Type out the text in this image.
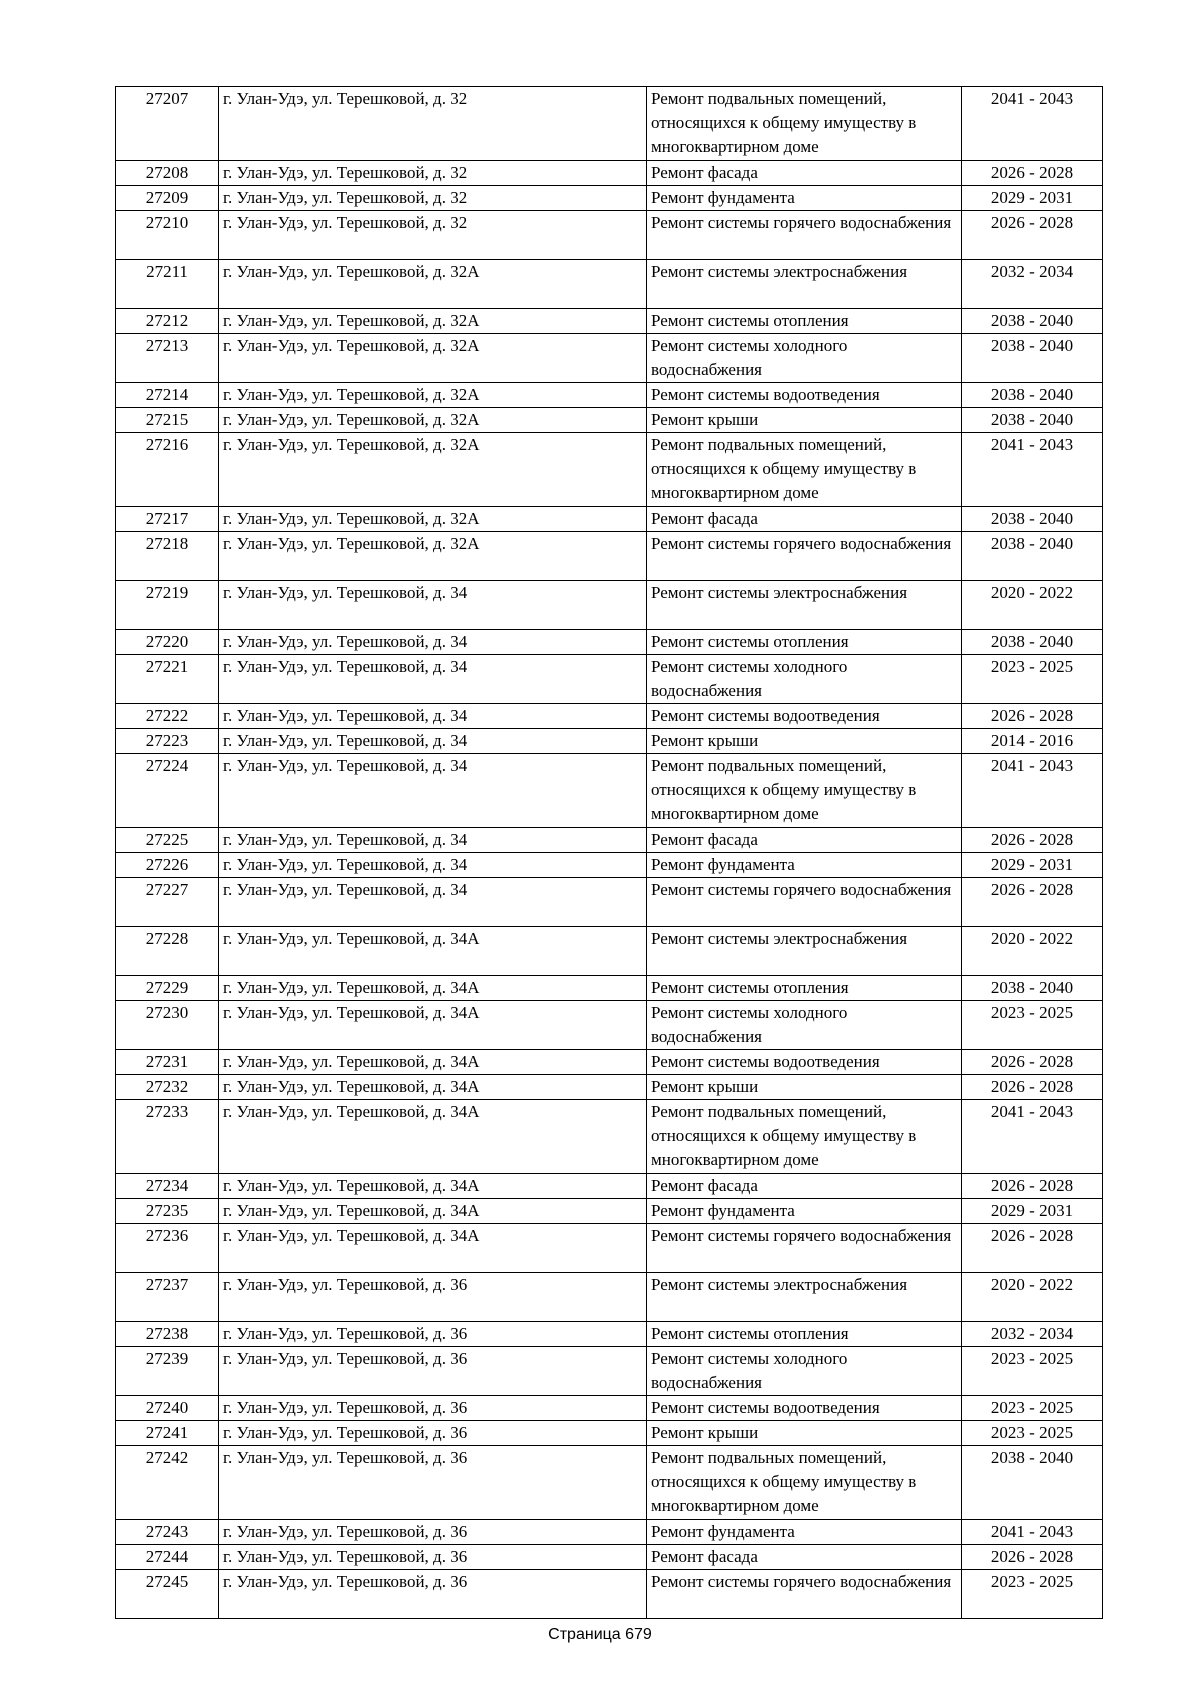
27207	г. Улан-Удэ, ул. Терешковой, д. 32	Ремонт подвальных помещений, относящихся к общему имуществу в многоквартирном доме	2041 - 2043
27208	г. Улан-Удэ, ул. Терешковой, д. 32	Ремонт фасада	2026 - 2028
27209	г. Улан-Удэ, ул. Терешковой, д. 32	Ремонт фундамента	2029 - 2031
27210	г. Улан-Удэ, ул. Терешковой, д. 32	Ремонт системы горячего водоснабжения	2026 - 2028
27211	г. Улан-Удэ, ул. Терешковой, д. 32А	Ремонт системы электроснабжения	2032 - 2034
27212	г. Улан-Удэ, ул. Терешковой, д. 32А	Ремонт системы отопления	2038 - 2040
27213	г. Улан-Удэ, ул. Терешковой, д. 32А	Ремонт системы холодного водоснабжения	2038 - 2040
27214	г. Улан-Удэ, ул. Терешковой, д. 32А	Ремонт системы водоотведения	2038 - 2040
27215	г. Улан-Удэ, ул. Терешковой, д. 32А	Ремонт крыши	2038 - 2040
27216	г. Улан-Удэ, ул. Терешковой, д. 32А	Ремонт подвальных помещений, относящихся к общему имуществу в многоквартирном доме	2041 - 2043
27217	г. Улан-Удэ, ул. Терешковой, д. 32А	Ремонт фасада	2038 - 2040
27218	г. Улан-Удэ, ул. Терешковой, д. 32А	Ремонт системы горячего водоснабжения	2038 - 2040
27219	г. Улан-Удэ, ул. Терешковой, д. 34	Ремонт системы электроснабжения	2020 - 2022
27220	г. Улан-Удэ, ул. Терешковой, д. 34	Ремонт системы отопления	2038 - 2040
27221	г. Улан-Удэ, ул. Терешковой, д. 34	Ремонт системы холодного водоснабжения	2023 - 2025
27222	г. Улан-Удэ, ул. Терешковой, д. 34	Ремонт системы водоотведения	2026 - 2028
27223	г. Улан-Удэ, ул. Терешковой, д. 34	Ремонт крыши	2014 - 2016
27224	г. Улан-Удэ, ул. Терешковой, д. 34	Ремонт подвальных помещений, относящихся к общему имуществу в многоквартирном доме	2041 - 2043
27225	г. Улан-Удэ, ул. Терешковой, д. 34	Ремонт фасада	2026 - 2028
27226	г. Улан-Удэ, ул. Терешковой, д. 34	Ремонт фундамента	2029 - 2031
27227	г. Улан-Удэ, ул. Терешковой, д. 34	Ремонт системы горячего водоснабжения	2026 - 2028
27228	г. Улан-Удэ, ул. Терешковой, д. 34А	Ремонт системы электроснабжения	2020 - 2022
27229	г. Улан-Удэ, ул. Терешковой, д. 34А	Ремонт системы отопления	2038 - 2040
27230	г. Улан-Удэ, ул. Терешковой, д. 34А	Ремонт системы холодного водоснабжения	2023 - 2025
27231	г. Улан-Удэ, ул. Терешковой, д. 34А	Ремонт системы водоотведения	2026 - 2028
27232	г. Улан-Удэ, ул. Терешковой, д. 34А	Ремонт крыши	2026 - 2028
27233	г. Улан-Удэ, ул. Терешковой, д. 34А	Ремонт подвальных помещений, относящихся к общему имуществу в многоквартирном доме	2041 - 2043
27234	г. Улан-Удэ, ул. Терешковой, д. 34А	Ремонт фасада	2026 - 2028
27235	г. Улан-Удэ, ул. Терешковой, д. 34А	Ремонт фундамента	2029 - 2031
27236	г. Улан-Удэ, ул. Терешковой, д. 34А	Ремонт системы горячего водоснабжения	2026 - 2028
27237	г. Улан-Удэ, ул. Терешковой, д. 36	Ремонт системы электроснабжения	2020 - 2022
27238	г. Улан-Удэ, ул. Терешковой, д. 36	Ремонт системы отопления	2032 - 2034
27239	г. Улан-Удэ, ул. Терешковой, д. 36	Ремонт системы холодного водоснабжения	2023 - 2025
27240	г. Улан-Удэ, ул. Терешковой, д. 36	Ремонт системы водоотведения	2023 - 2025
27241	г. Улан-Удэ, ул. Терешковой, д. 36	Ремонт крыши	2023 - 2025
27242	г. Улан-Удэ, ул. Терешковой, д. 36	Ремонт подвальных помещений, относящихся к общему имуществу в многоквартирном доме	2038 - 2040
27243	г. Улан-Удэ, ул. Терешковой, д. 36	Ремонт фундамента	2041 - 2043
27244	г. Улан-Удэ, ул. Терешковой, д. 36	Ремонт фасада	2026 - 2028
27245	г. Улан-Удэ, ул. Терешковой, д. 36	Ремонт системы горячего водоснабжения	2023 - 2025
Страница 679
